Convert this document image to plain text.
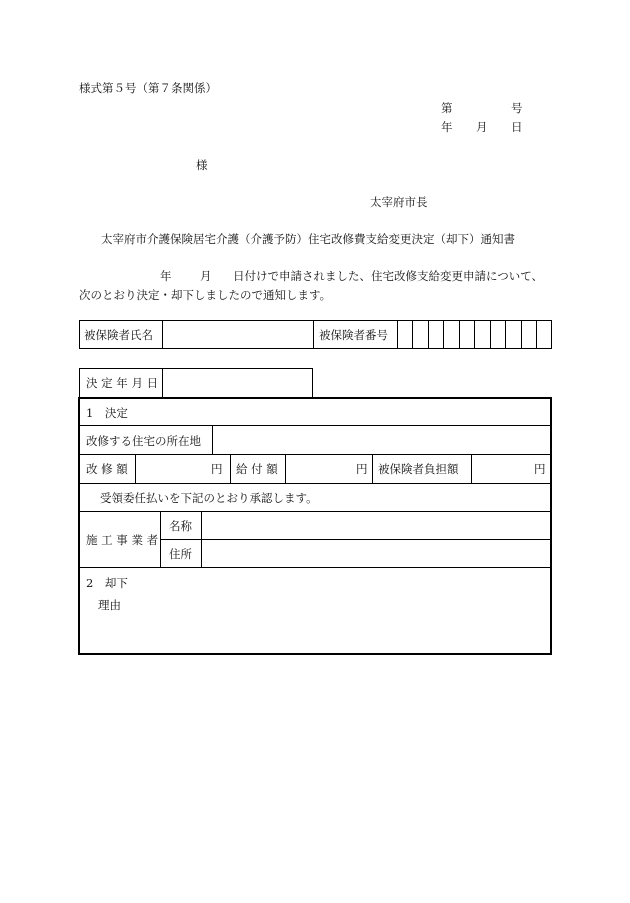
様式第５号（第７条関係）
第	号
年 月 日
様
太宰府市長
太宰府市介護保険居宅介護（介護予防）住宅改修費支給変更決定（却下）通知書
年 月 日付けで申請されました、住宅改修支給変更申請について、
次のとおり決定・却下しましたので通知します。
被保険者氏名	被保険者番号
決 定 年 月 日
1　決定
改修する住宅の所在地
改 修 額	円 給 付 額	円 被保険者負担額	円
受領委任払いを下記のとおり承認します。
施 工 事 業 者
名称
住所
2　却下
理由
